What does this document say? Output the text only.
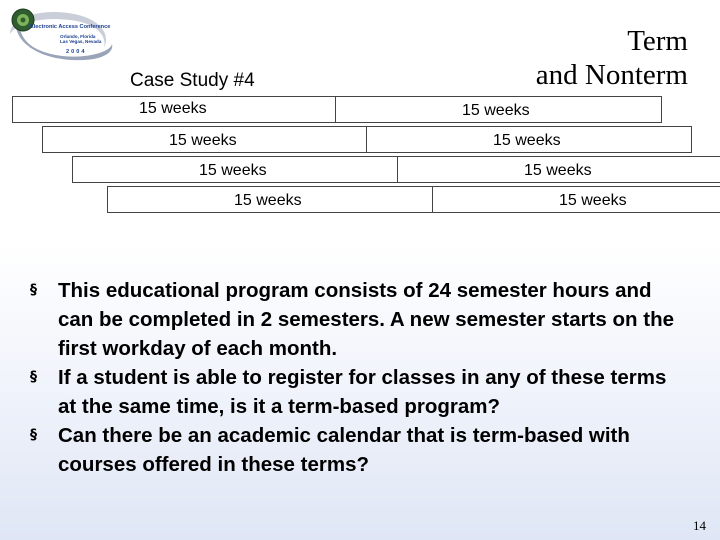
Electronic Access Conference
Orlando, Florida
Las Vegas, Nevada
2004
Case Study #4
Term
and Nonterm
15 weeks	15 weeks
15 weeks	15 weeks
15 weeks	15 weeks
15 weeks	15 weeks
§ This educational program consists of 24 semester hours and can be completed in 2 semesters. A new semester starts on the first workday of each month.
§ If a student is able to register for classes in any of these terms at the same time, is it a term-based program?
§ Can there be an academic calendar that is term-based with courses offered in these terms?
14
